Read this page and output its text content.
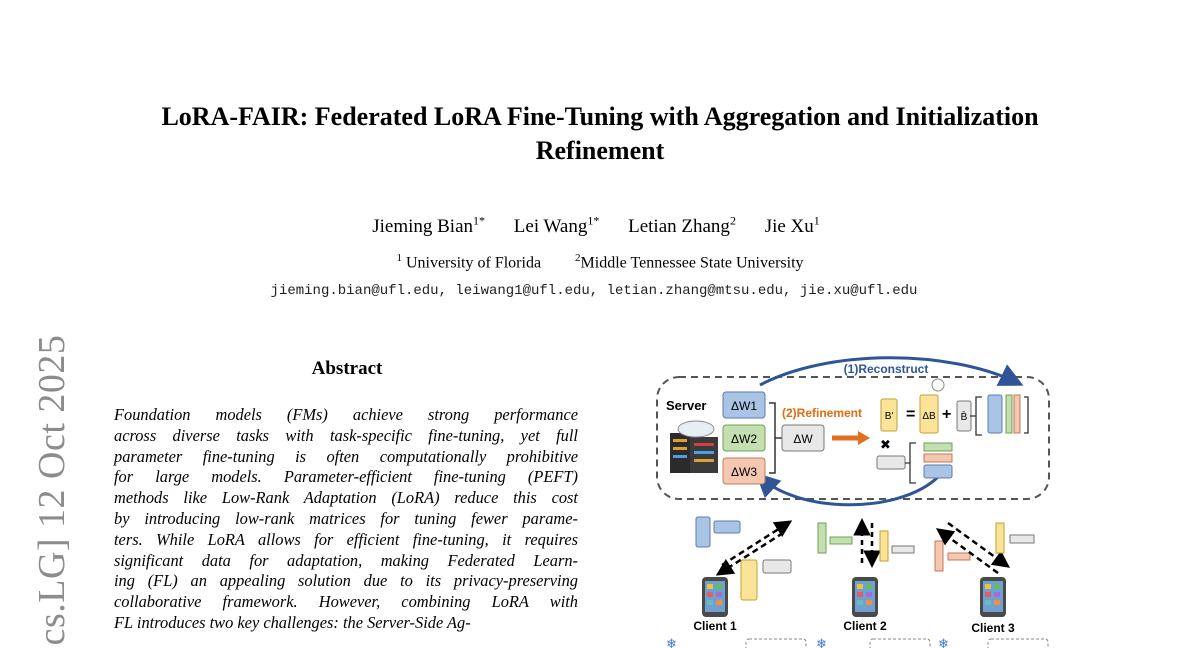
cs.LG] 12 Oct 2025
LoRA-FAIR: Federated LoRA Fine-Tuning with Aggregation and Initialization
Refinement
Jieming Bian$^{1*}$ Lei Wang$^{1*}$ Letian Zhang$^2$ Jie Xu$^1$
$^1$ University of Florida	$^2$Middle Tennessee State University
jieming.bian@ufl.edu, leiwang1@ufl.edu, letian.zhang@mtsu.edu, jie.xu@ufl.edu
Abstract
Foundation models (FMs) achieve strong performance
across diverse tasks with task-specific fine-tuning, yet full
parameter fine-tuning is often computationally prohibitive
for large models. Parameter-efficient fine-tuning (PEFT)
methods like Low-Rank Adaptation (LoRA) reduce this cost
by introducing low-rank matrices for tuning fewer parame-
ters. While LoRA allows for efficient fine-tuning, it requires
significant data for adaptation, making Federated Learn-
ing (FL) an appealing solution due to its privacy-preserving
collaborative framework. However, combining LoRA with
FL introduces two key challenges: the Server-Side Ag-
(1)Reconstruct
Server ΔW1
ΔW2
ΔW3
ΔW
(2)Refinement B' = ΔB + B̄
✖
Client 1	Client 2	Client 3
❄	❄	❄
